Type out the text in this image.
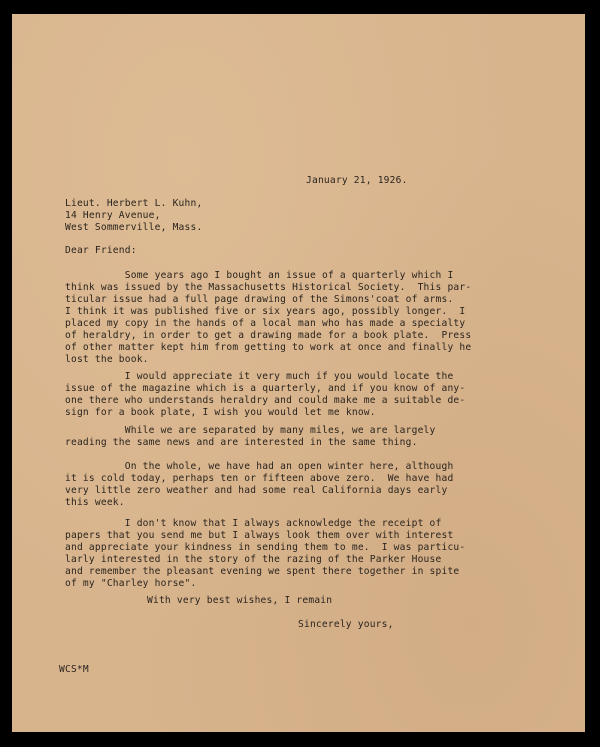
January 21, 1926.
Lieut. Herbert L. Kuhn,
14 Henry Avenue,
West Sommerville, Mass.
Dear Friend:
Some years ago I bought an issue of a quarterly which I
think was issued by the Massachusetts Historical Society.  This par-
ticular issue had a full page drawing of the Simons'coat of arms.
I think it was published five or six years ago, possibly longer.  I
placed my copy in the hands of a local man who has made a specialty
of heraldry, in order to get a drawing made for a book plate.  Press
of other matter kept him from getting to work at once and finally he
lost the book.
I would appreciate it very much if you would locate the
issue of the magazine which is a quarterly, and if you know of any-
one there who understands heraldry and could make me a suitable de-
sign for a book plate, I wish you would let me know.
While we are separated by many miles, we are largely
reading the same news and are interested in the same thing.
On the whole, we have had an open winter here, although
it is cold today, perhaps ten or fifteen above zero.  We have had
very little zero weather and had some real California days early
this week.
I don't know that I always acknowledge the receipt of
papers that you send me but I always look them over with interest
and appreciate your kindness in sending them to me.  I was particu-
larly interested in the story of the razing of the Parker House
and remember the pleasant evening we spent there together in spite
of my "Charley horse".
With very best wishes, I remain
Sincerely yours,
WCS*M
